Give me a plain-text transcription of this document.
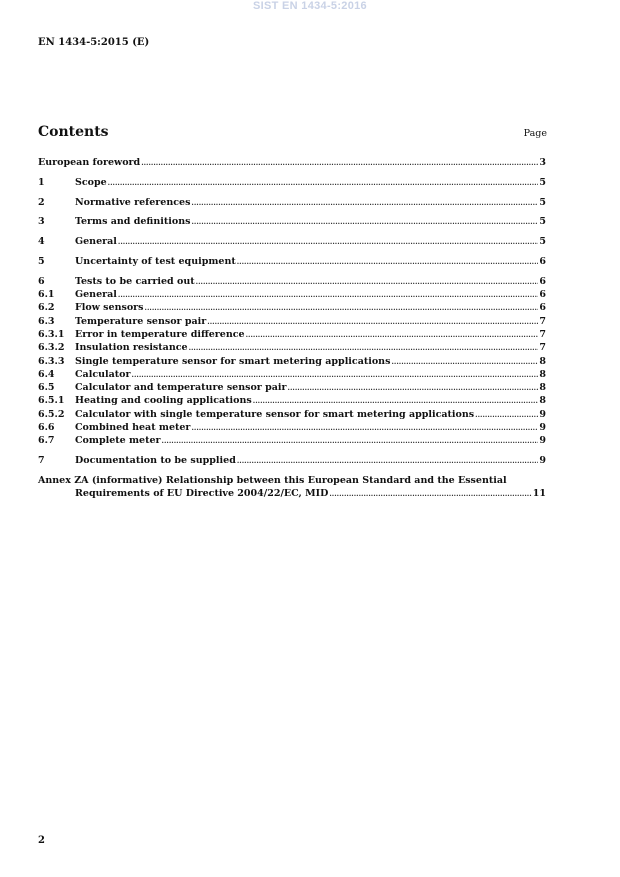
SIST EN 1434-5:2016
EN 1434-5:2015 (E)
Contents	Page
European foreword .....	3
1	Scope .....	5
2	Normative references .....	5
3	Terms and definitions .....	5
4	General .....	5
5	Uncertainty of test equipment .....	6
6	Tests to be carried out .....	6
6.1	General .....	6
6.2	Flow sensors .....	6
6.3	Temperature sensor pair .....	7
6.3.1	Error in temperature difference .....	7
6.3.2	Insulation resistance .....	7
6.3.3	Single temperature sensor for smart metering applications .....	8
6.4	Calculator .....	8
6.5	Calculator and temperature sensor pair .....	8
6.5.1	Heating and cooling applications .....	8
6.5.2	Calculator with single temperature sensor for smart metering applications .....	9
6.6	Combined heat meter .....	9
6.7	Complete meter .....	9
7	Documentation to be supplied .....	9
Annex ZA (informative) Relationship between this European Standard and the Essential
Requirements of EU Directive 2004/22/EC, MID .....	11
2
